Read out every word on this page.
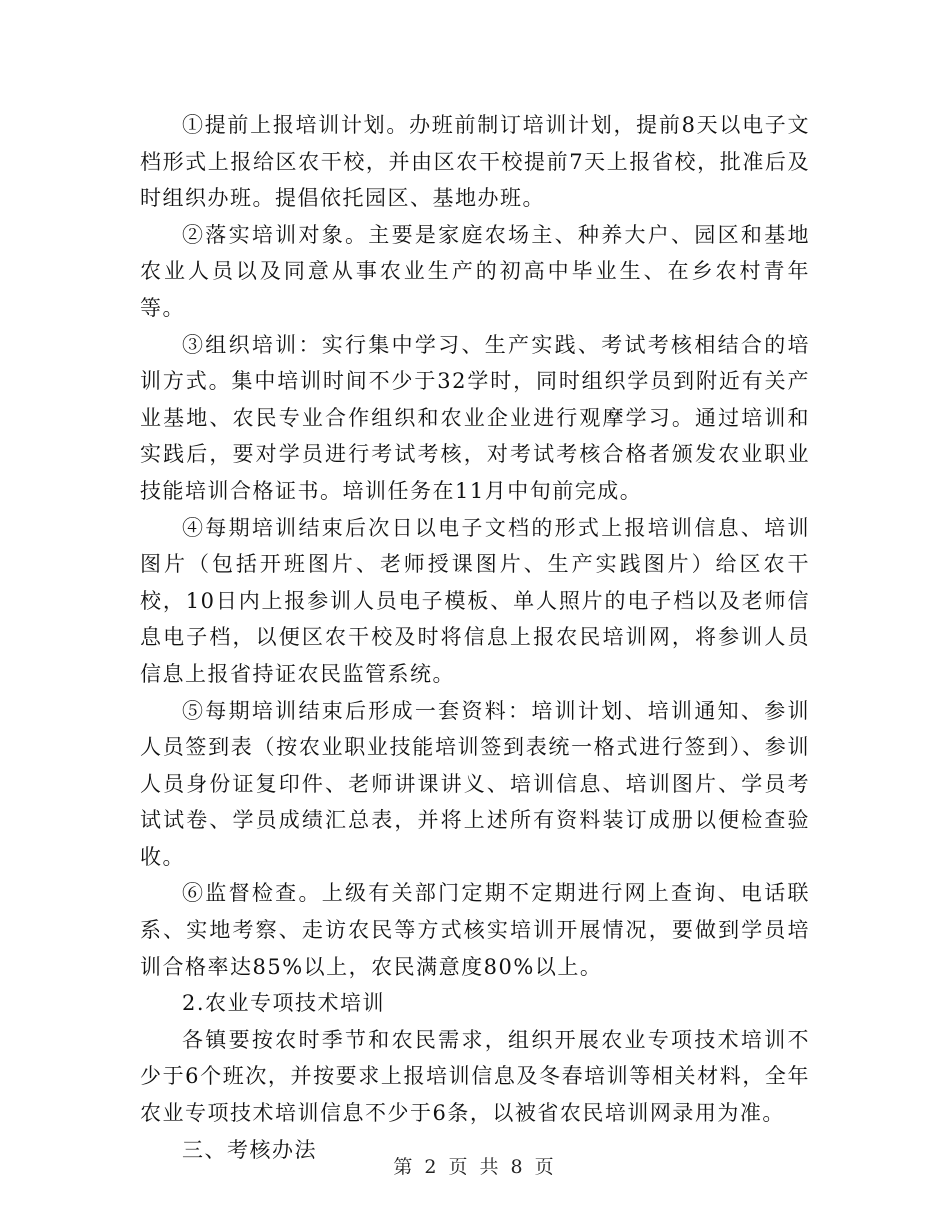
①提前上报培训计划。办班前制订培训计划，提前8天以电子文档形式上报给区农干校，并由区农干校提前7天上报省校，批准后及时组织办班。提倡依托园区、基地办班。

②落实培训对象。主要是家庭农场主、种养大户、园区和基地农业人员以及同意从事农业生产的初高中毕业生、在乡农村青年等。

③组织培训：实行集中学习、生产实践、考试考核相结合的培训方式。集中培训时间不少于32学时，同时组织学员到附近有关产业基地、农民专业合作组织和农业企业进行观摩学习。通过培训和实践后，要对学员进行考试考核，对考试考核合格者颁发农业职业技能培训合格证书。培训任务在11月中旬前完成。

④每期培训结束后次日以电子文档的形式上报培训信息、培训图片（包括开班图片、老师授课图片、生产实践图片）给区农干校，10日内上报参训人员电子模板、单人照片的电子档以及老师信息电子档，以便区农干校及时将信息上报农民培训网，将参训人员信息上报省持证农民监管系统。

⑤每期培训结束后形成一套资料：培训计划、培训通知、参训人员签到表（按农业职业技能培训签到表统一格式进行签到）、参训人员身份证复印件、老师讲课讲义、培训信息、培训图片、学员考试试卷、学员成绩汇总表，并将上述所有资料装订成册以便检查验收。

⑥监督检查。上级有关部门定期不定期进行网上查询、电话联系、实地考察、走访农民等方式核实培训开展情况，要做到学员培训合格率达85%以上，农民满意度80%以上。

2.农业专项技术培训

各镇要按农时季节和农民需求，组织开展农业专项技术培训不少于6个班次，并按要求上报培训信息及冬春培训等相关材料，全年农业专项技术培训信息不少于6条，以被省农民培训网录用为准。

三、考核办法

第 2 页 共 8 页
